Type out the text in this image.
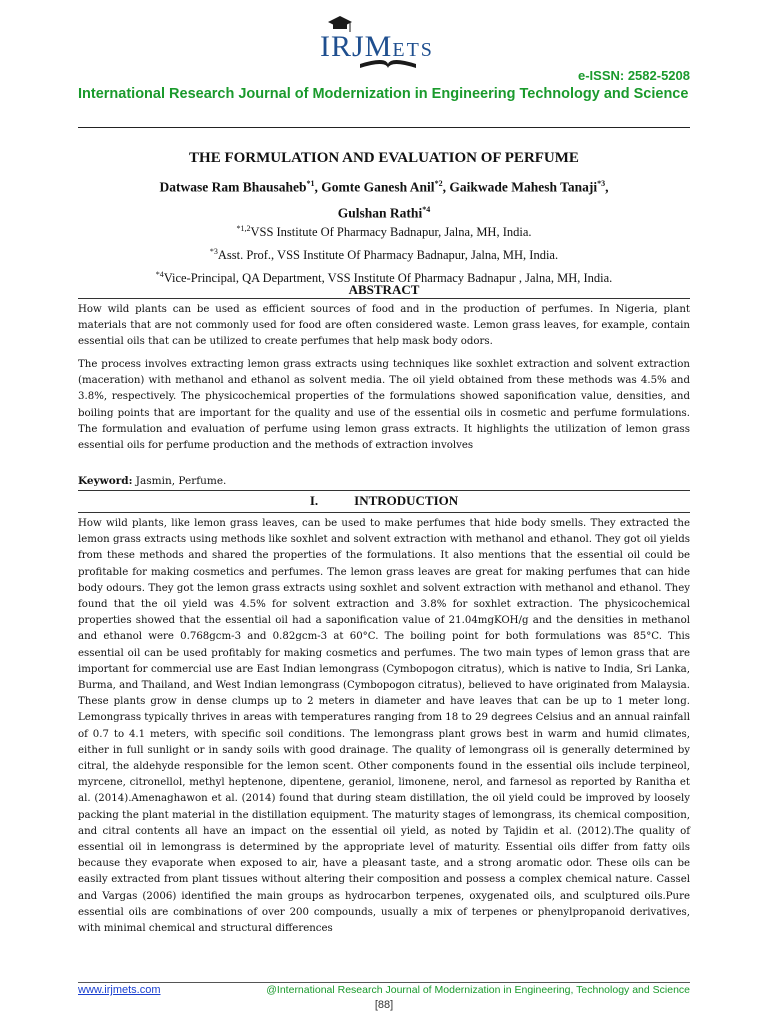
IRJMETS
e-ISSN: 2582-5208
International Research Journal of Modernization in Engineering Technology and Science
THE FORMULATION AND EVALUATION OF PERFUME
Datwase Ram Bhausaheb$^{*1}$, Gomte Ganesh Anil$^{*2}$, Gaikwade Mahesh Tanaji$^{*3}$,
Gulshan Rathi$^{*4}$
$^{*1,2}$VSS Institute Of Pharmacy Badnapur, Jalna, MH, India.
$^{*3}$Asst. Prof., VSS Institute Of Pharmacy Badnapur, Jalna, MH, India.
$^{*4}$Vice-Principal, QA Department, VSS Institute Of Pharmacy Badnapur , Jalna, MH, India.
ABSTRACT

How wild plants can be used as efficient sources of food and in the production of perfumes. In Nigeria, plant materials that are not commonly used for food are often considered waste. Lemon grass leaves, for example, contain essential oils that can be utilized to create perfumes that help mask body odors.

The process involves extracting lemon grass extracts using techniques like soxhlet extraction and solvent extraction (maceration) with methanol and ethanol as solvent media. The oil yield obtained from these methods was 4.5% and 3.8%, respectively. The physicochemical properties of the formulations showed saponification value, densities, and boiling points that are important for the quality and use of the essential oils in cosmetic and perfume formulations. The formulation and evaluation of perfume using lemon grass extracts. It highlights the utilization of lemon grass essential oils for perfume production and the methods of extraction involves

Keyword: Jasmin, Perfume.

I.	INTRODUCTION

How wild plants, like lemon grass leaves, can be used to make perfumes that hide body smells. They extracted the lemon grass extracts using methods like soxhlet and solvent extraction with methanol and ethanol. They got oil yields from these methods and shared the properties of the formulations. It also mentions that the essential oil could be profitable for making cosmetics and perfumes. The lemon grass leaves are great for making perfumes that can hide body odours. They got the lemon grass extracts using soxhlet and solvent extraction with methanol and ethanol. They found that the oil yield was 4.5% for solvent extraction and 3.8% for soxhlet extraction. The physicochemical properties showed that the essential oil had a saponification value of 21.04mgKOH/g and the densities in methanol and ethanol were 0.768gcm-3 and 0.82gcm-3 at 60°C. The boiling point for both formulations was 85°C. This essential oil can be used profitably for making cosmetics and perfumes. The two main types of lemon grass that are important for commercial use are East Indian lemongrass (Cymbopogon citratus), which is native to India, Sri Lanka, Burma, and Thailand, and West Indian lemongrass (Cymbopogon citratus), believed to have originated from Malaysia. These plants grow in dense clumps up to 2 meters in diameter and have leaves that can be up to 1 meter long. Lemongrass typically thrives in areas with temperatures ranging from 18 to 29 degrees Celsius and an annual rainfall of 0.7 to 4.1 meters, with specific soil conditions. The lemongrass plant grows best in warm and humid climates, either in full sunlight or in sandy soils with good drainage. The quality of lemongrass oil is generally determined by citral, the aldehyde responsible for the lemon scent. Other components found in the essential oils include terpineol, myrcene, citronellol, methyl heptenone, dipentene, geraniol, limonene, nerol, and farnesol as reported by Ranitha et al. (2014).Amenaghawon et al. (2014) found that during steam distillation, the oil yield could be improved by loosely packing the plant material in the distillation equipment. The maturity stages of lemongrass, its chemical composition, and citral contents all have an impact on the essential oil yield, as noted by Tajidin et al. (2012).The quality of essential oil in lemongrass is determined by the appropriate level of maturity. Essential oils differ from fatty oils because they evaporate when exposed to air, have a pleasant taste, and a strong aromatic odor. These oils can be easily extracted from plant tissues without altering their composition and possess a complex chemical nature. Cassel and Vargas (2006) identified the main groups as hydrocarbon terpenes, oxygenated oils, and sculptured oils.Pure essential oils are combinations of over 200 compounds, usually a mix of terpenes or phenylpropanoid derivatives, with minimal chemical and structural differences

www.irjmets.com	@International Research Journal of Modernization in Engineering, Technology and Science
[88]
